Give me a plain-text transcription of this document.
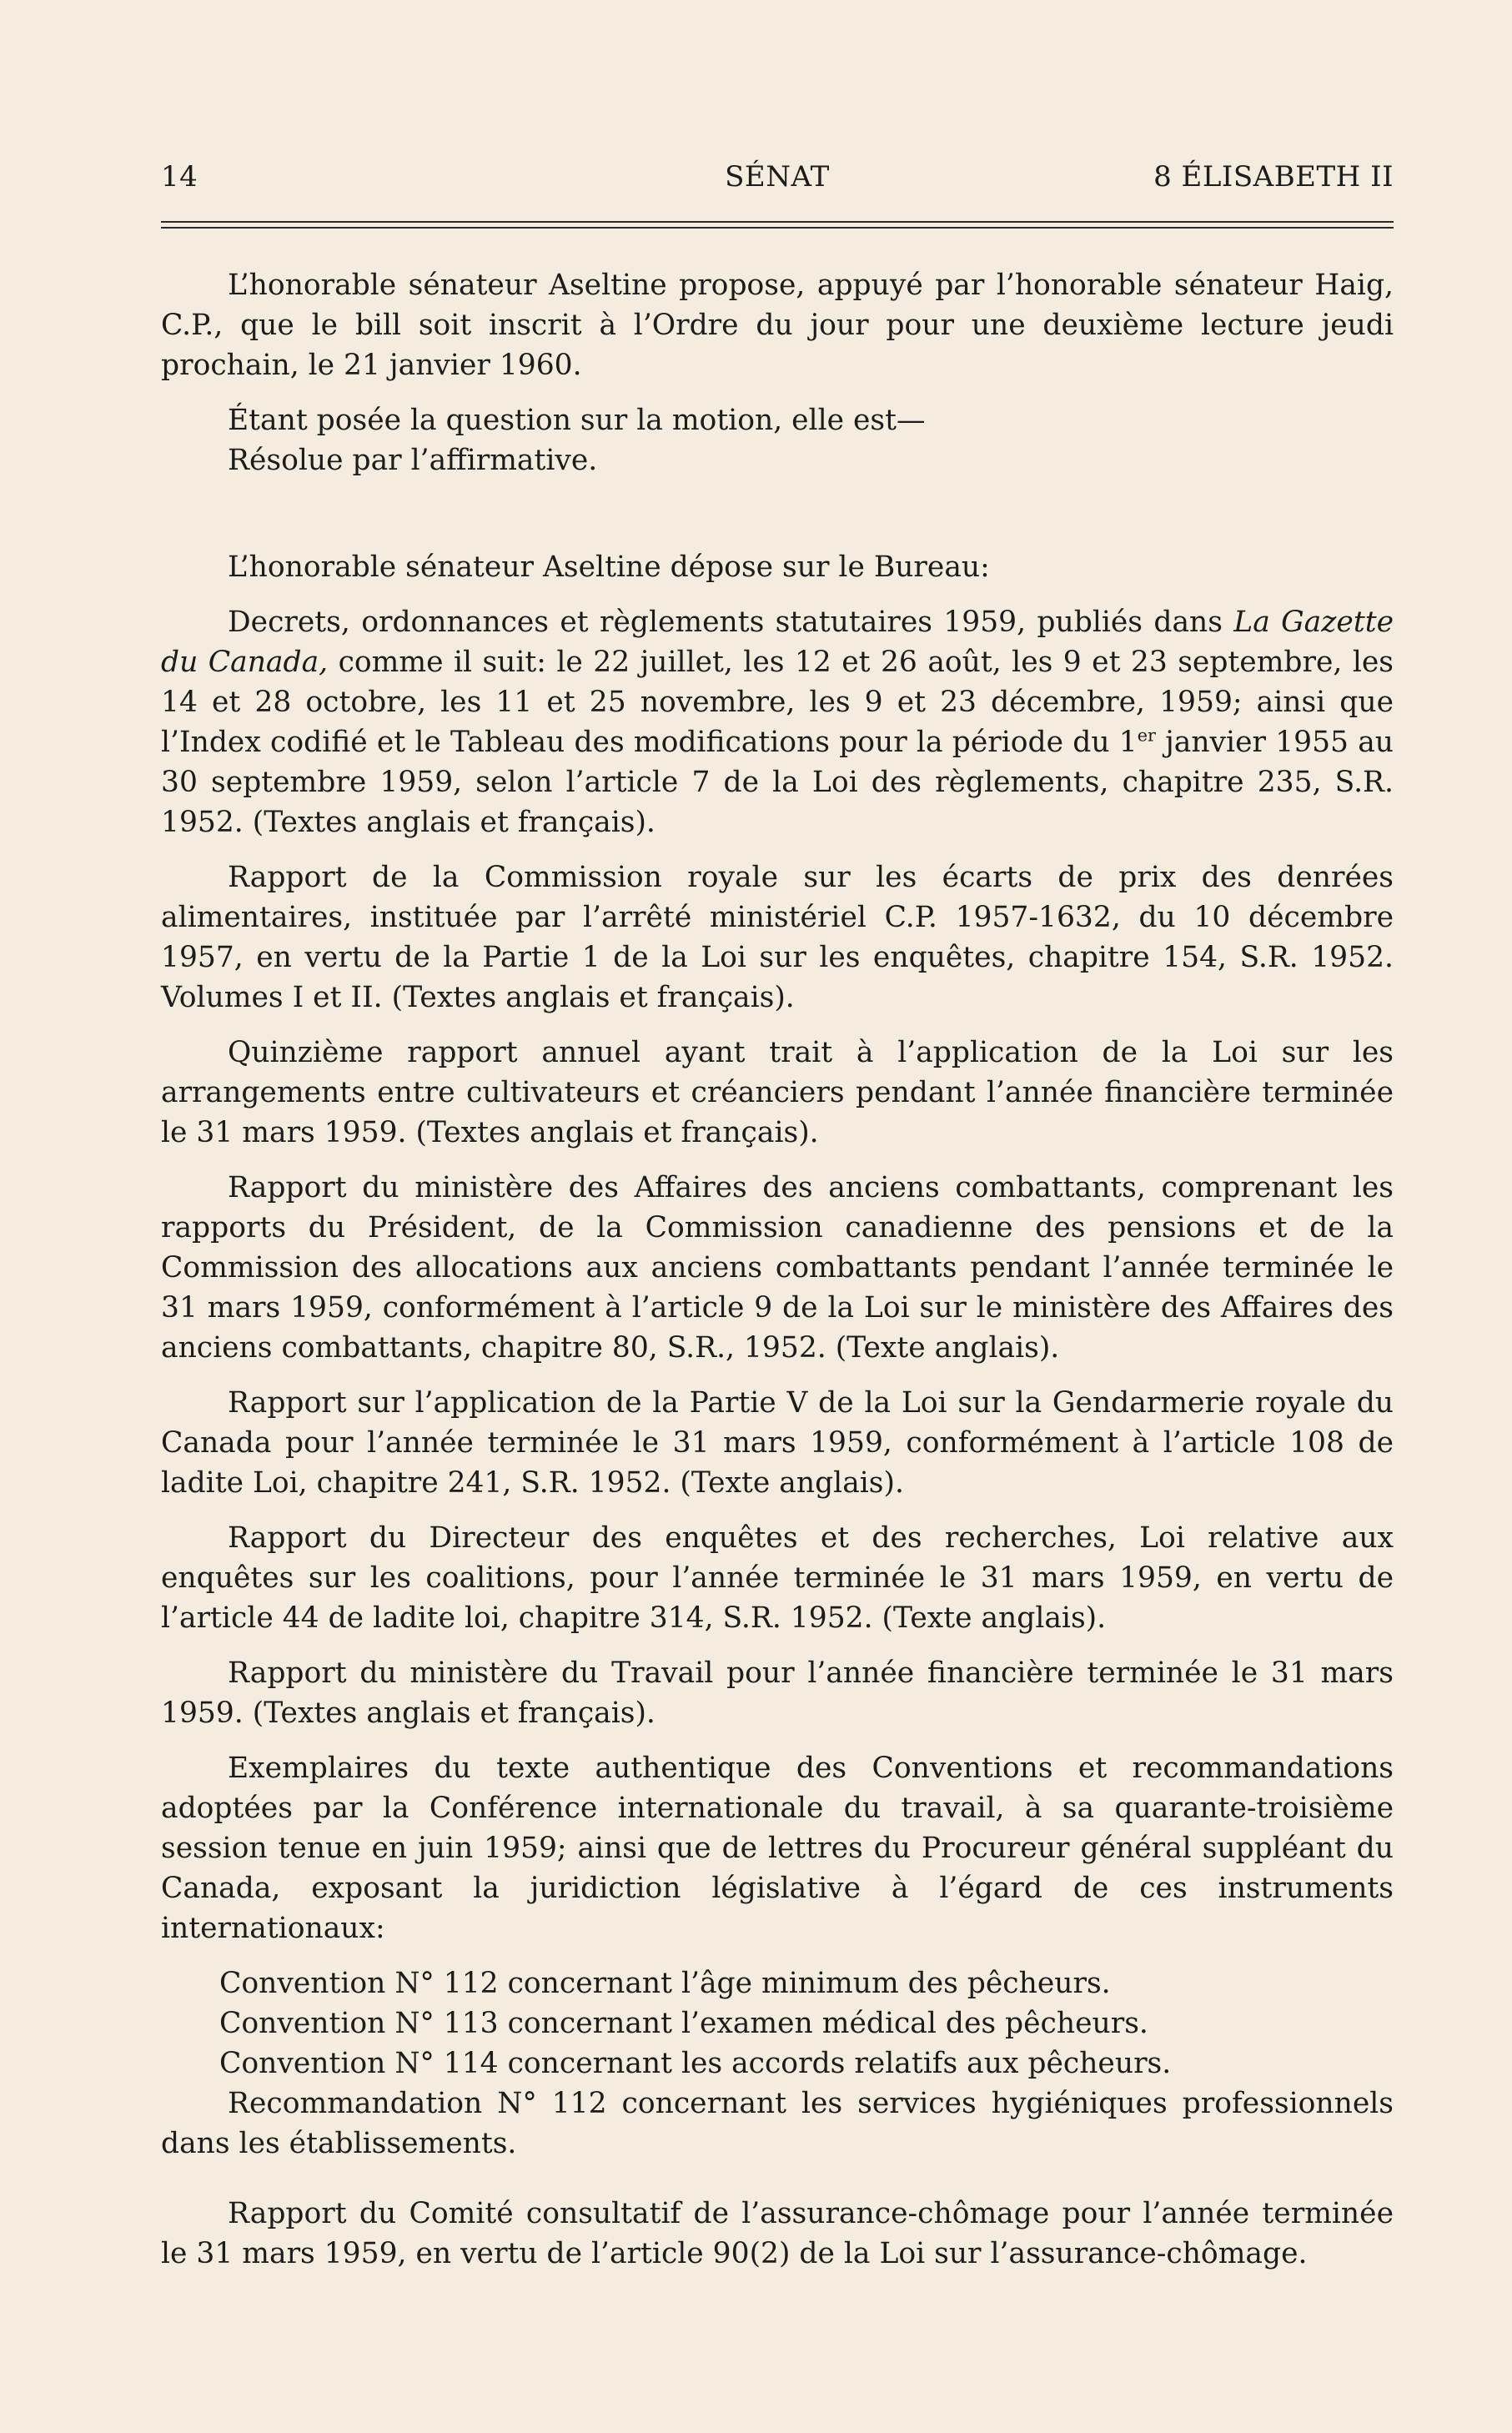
14	SÉNAT	8 ÉLISABETH II

L’honorable sénateur Aseltine propose, appuyé par l’honorable sénateur Haig, C.P., que le bill soit inscrit à l’Ordre du jour pour une deuxième lecture jeudi prochain, le 21 janvier 1960.

Étant posée la question sur la motion, elle est—

Résolue par l’affirmative.

L’honorable sénateur Aseltine dépose sur le Bureau:

Decrets, ordonnances et règlements statutaires 1959, publiés dans La Gazette du Canada, comme il suit: le 22 juillet, les 12 et 26 août, les 9 et 23 septembre, les 14 et 28 octobre, les 11 et 25 novembre, les 9 et 23 décembre, 1959; ainsi que l’Index codifié et le Tableau des modifications pour la période du 1er janvier 1955 au 30 septembre 1959, selon l’article 7 de la Loi des règlements, chapitre 235, S.R. 1952. (Textes anglais et français).

Rapport de la Commission royale sur les écarts de prix des denrées alimentaires, instituée par l’arrêté ministériel C.P. 1957-1632, du 10 décembre 1957, en vertu de la Partie 1 de la Loi sur les enquêtes, chapitre 154, S.R. 1952. Volumes I et II. (Textes anglais et français).

Quinzième rapport annuel ayant trait à l’application de la Loi sur les arrangements entre cultivateurs et créanciers pendant l’année financière terminée le 31 mars 1959. (Textes anglais et français).

Rapport du ministère des Affaires des anciens combattants, comprenant les rapports du Président, de la Commission canadienne des pensions et de la Commission des allocations aux anciens combattants pendant l’année terminée le 31 mars 1959, conformément à l’article 9 de la Loi sur le ministère des Affaires des anciens combattants, chapitre 80, S.R., 1952. (Texte anglais).

Rapport sur l’application de la Partie V de la Loi sur la Gendarmerie royale du Canada pour l’année terminée le 31 mars 1959, conformément à l’article 108 de ladite Loi, chapitre 241, S.R. 1952. (Texte anglais).

Rapport du Directeur des enquêtes et des recherches, Loi relative aux enquêtes sur les coalitions, pour l’année terminée le 31 mars 1959, en vertu de l’article 44 de ladite loi, chapitre 314, S.R. 1952. (Texte anglais).

Rapport du ministère du Travail pour l’année financière terminée le 31 mars 1959. (Textes anglais et français).

Exemplaires du texte authentique des Conventions et recommandations adoptées par la Conférence internationale du travail, à sa quarante-troisième session tenue en juin 1959; ainsi que de lettres du Procureur général suppléant du Canada, exposant la juridiction législative à l’égard de ces instruments internationaux:

Convention N° 112 concernant l’âge minimum des pêcheurs.

Convention N° 113 concernant l’examen médical des pêcheurs.

Convention N° 114 concernant les accords relatifs aux pêcheurs.

Recommandation N° 112 concernant les services hygiéniques professionnels dans les établissements.

Rapport du Comité consultatif de l’assurance-chômage pour l’année terminée le 31 mars 1959, en vertu de l’article 90(2) de la Loi sur l’assurance-chômage.
